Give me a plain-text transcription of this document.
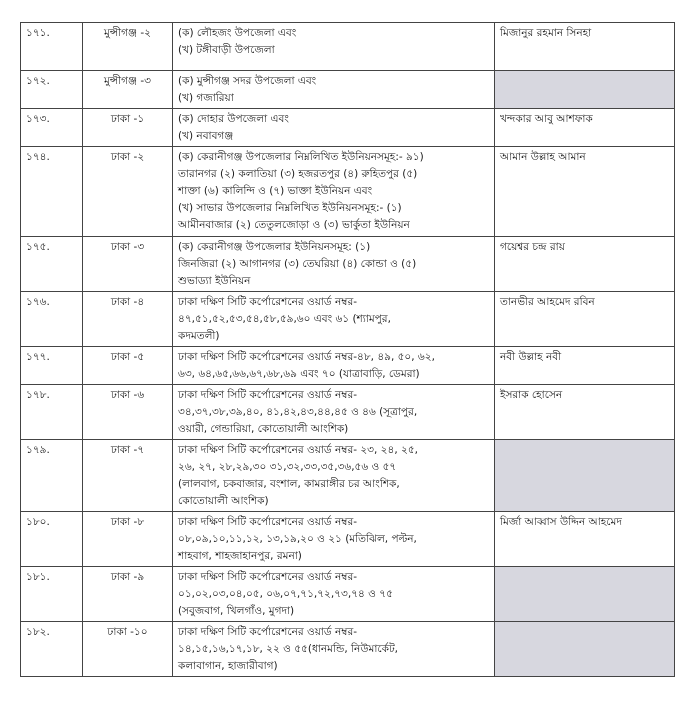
১৭১.	মুন্সীগঞ্জ -২	(ক) লৌহজং উপজেলা এবং
(খ) টঙ্গীবাড়ী উপজেলা	মিজানুর রহমান সিনহা
১৭২.	মুন্সীগঞ্জ -৩	(ক) মুন্সীগঞ্জ সদর উপজেলা এবং
(খ) গজারিয়া	

১৭৩.	ঢাকা -১	(ক) দোহার উপজেলা এবং
(খ) নবাবগঞ্জ	খন্দকার আবু আশফাক
১৭৪.	ঢাকা -২	(ক) কেরানীগঞ্জ উপজেলার নিম্নলিখিত ইউনিয়নসমূহ:- ৯১)
তারানগর (২) কলাতিয়া (৩) হজরতপুর (৪) রুহিতপুর (৫)
শাক্তা (৬) কালিন্দি ও (৭) ভাক্তা ইউনিয়ন এবং
(খ) সাভার উপজেলার নিম্নলিখিত ইউনিয়নসমূহ:- (১)
আমীনবাজার (২) তেতুলজোড়া ও (৩) ভার্কুতা ইউনিয়ন	আমান উল্লাহ আমান
১৭৫.	ঢাকা -৩	(ক) কেরানীগঞ্জ উপজেলার ইউনিয়নসমূহ: (১)
জিনজিরা (২) আগানগর (৩) তেঘরিয়া (৪) কোন্ডা ও (৫)
শুভাড্যা ইউনিয়ন	গয়েশ্বর চন্দ্র রায়
১৭৬.	ঢাকা -৪	ঢাকা দক্ষিণ সিটি কর্পোরেশনের ওয়ার্ড নম্বর-
৪৭,৫১,৫২,৫৩,৫৪,৫৮,৫৯,৬০ এবং ৬১ (শ্যামপুর,
কদমতলী)	তানভীর আহমেদ রবিন
১৭৭.	ঢাকা -৫	ঢাকা দক্ষিণ সিটি কর্পোরেশনের ওয়ার্ড নম্বর-৪৮, ৪৯, ৫০, ৬২,
৬৩, ৬৪,৬৫,৬৬,৬৭,৬৮,৬৯ এবং ৭০ (যাত্রাবাড়ি, ডেমরা)	নবী উল্লাহ নবী
১৭৮.	ঢাকা -৬	ঢাকা দক্ষিণ সিটি কর্পোরেশনের ওয়ার্ড নম্বর-
৩৪,৩৭,৩৮,৩৯,৪০, ৪১,৪২,৪৩,৪৪,৪৫ ও ৪৬ (সূত্রাপুর,
ওয়ারী, গেন্ডারিয়া, কোতোয়ালী আংশিক)	ইসরাক হোসেন
১৭৯.	ঢাকা -৭	ঢাকা দক্ষিণ সিটি কর্পোরেশনের ওয়ার্ড নম্বর- ২৩, ২৪, ২৫,
২৬, ২৭, ২৮,২৯,৩০ ৩১,৩২,৩৩,৩৫,৩৬,৫৬ ও ৫৭
(লালবাগ, চকবাজার, বংশাল, কামরাঙ্গীর চর আংশিক,
কোতোয়ালী আংশিক)	

১৮০.	ঢাকা -৮	ঢাকা দক্ষিণ সিটি কর্পোরেশনের ওয়ার্ড নম্বর-
০৮,০৯,১০,১১,১২, ১৩,১৯,২০ ও ২১ (মতিঝিল, পল্টন,
শাহবাগ, শাহজাহানপুর, রমনা)	মির্জা আব্বাস উদ্দিন আহমেদ
১৮১.	ঢাকা -৯	ঢাকা দক্ষিণ সিটি কর্পোরেশনের ওয়ার্ড নম্বর-
০১,০২,০৩,০৪,০৫, ০৬,০৭,৭১,৭২,৭৩,৭৪ ও ৭৫
(সবুজবাগ, খিলগাঁও, মুগদা)	

১৮২.	ঢাকা -১০	ঢাকা দক্ষিণ সিটি কর্পোরেশনের ওয়ার্ড নম্বর-
১৪,১৫,১৬,১৭,১৮, ২২ ও ৫৫(ধানমন্ডি, নিউমার্কেট,
কলাবাগান, হাজারীবাগ)	
